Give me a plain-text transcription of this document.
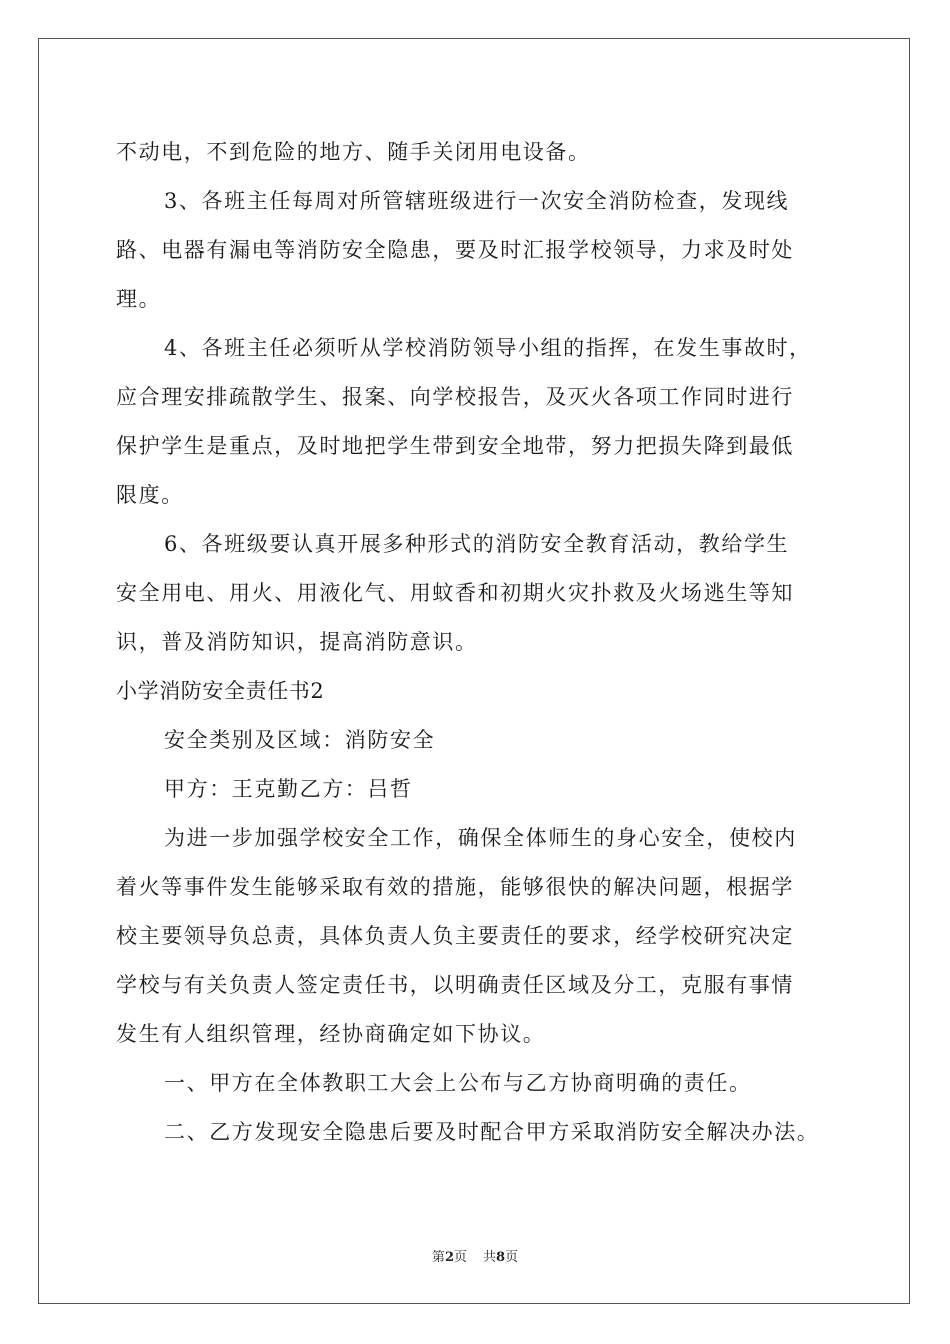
不动电，不到危险的地方、随手关闭用电设备。

3、各班主任每周对所管辖班级进行一次安全消防检查，发现线

路、电器有漏电等消防安全隐患，要及时汇报学校领导，力求及时处

理。

4、各班主任必须听从学校消防领导小组的指挥，在发生事故时，

应合理安排疏散学生、报案、向学校报告，及灭火各项工作同时进行

保护学生是重点，及时地把学生带到安全地带，努力把损失降到最低

限度。

6、各班级要认真开展多种形式的消防安全教育活动，教给学生

安全用电、用火、用液化气、用蚊香和初期火灾扑救及火场逃生等知

识，普及消防知识，提高消防意识。

小学消防安全责任书2

安全类别及区域：消防安全

甲方：王克勤乙方：吕哲

为进一步加强学校安全工作，确保全体师生的身心安全，使校内

着火等事件发生能够采取有效的措施，能够很快的解决问题，根据学

校主要领导负总责，具体负责人负主要责任的要求，经学校研究决定

学校与有关负责人签定责任书，以明确责任区域及分工，克服有事情

发生有人组织管理，经协商确定如下协议。

一、甲方在全体教职工大会上公布与乙方协商明确的责任。

二、乙方发现安全隐患后要及时配合甲方采取消防安全解决办法。

第2页 共8页
